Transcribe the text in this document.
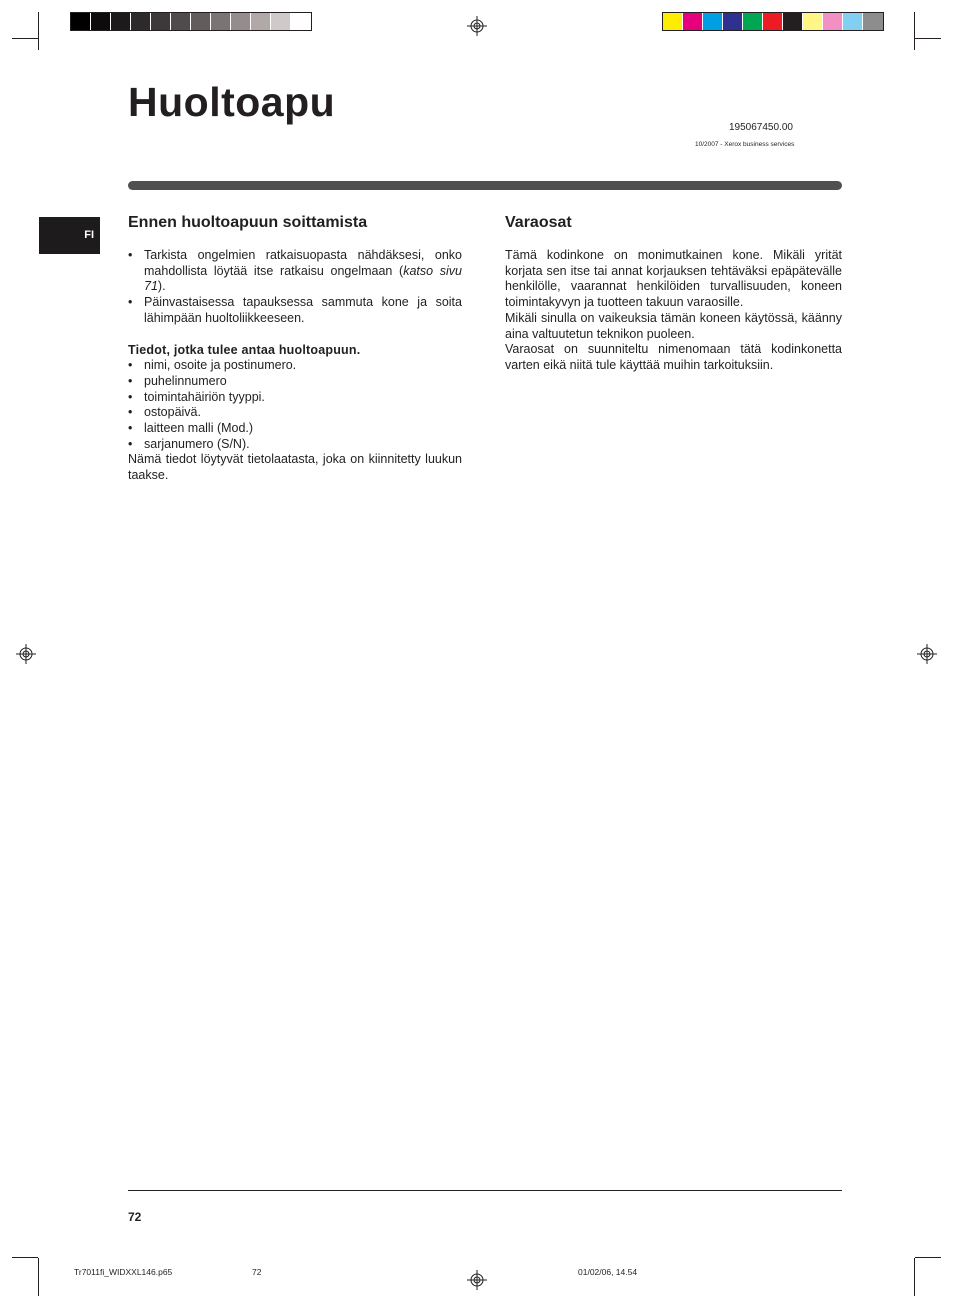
Huoltoapu
195067450.00
10/2007 - Xerox business services
FI
Ennen huoltoapuun soittamista
• Tarkista ongelmien ratkaisuopasta nähdäksesi, onko mahdollista löytää itse ratkaisu ongelmaan (katso sivu 71).
• Päinvastaisessa tapauksessa sammuta kone ja soita lähimpään huoltoliikkeeseen.

Tiedot, jotka tulee antaa huoltoapuun.

• nimi, osoite ja postinumero.
• puhelinnumero
• toimintahäiriön tyyppi.
• ostopäivä.
• laitteen malli (Mod.)
• sarjanumero (S/N).

Nämä tiedot löytyvät tietolaatasta, joka on kiinnitetty luukun taakse.

Varaosat

Tämä kodinkone on monimutkainen kone. Mikäli yrität korjata sen itse tai annat korjauksen tehtäväksi epäpätevälle henkilölle, vaarannat henkilöiden turvallisuuden, koneen toimintakyvyn ja tuotteen takuun varaosille.

Mikäli sinulla on vaikeuksia tämän koneen käytössä, käänny aina valtuutetun teknikon puoleen.

Varaosat on suunniteltu nimenomaan tätä kodinkonetta varten eikä niitä tule käyttää muihin tarkoituksiin.

72
Tr7011fi_WIDXXL146.p65	72	01/02/06, 14.54
